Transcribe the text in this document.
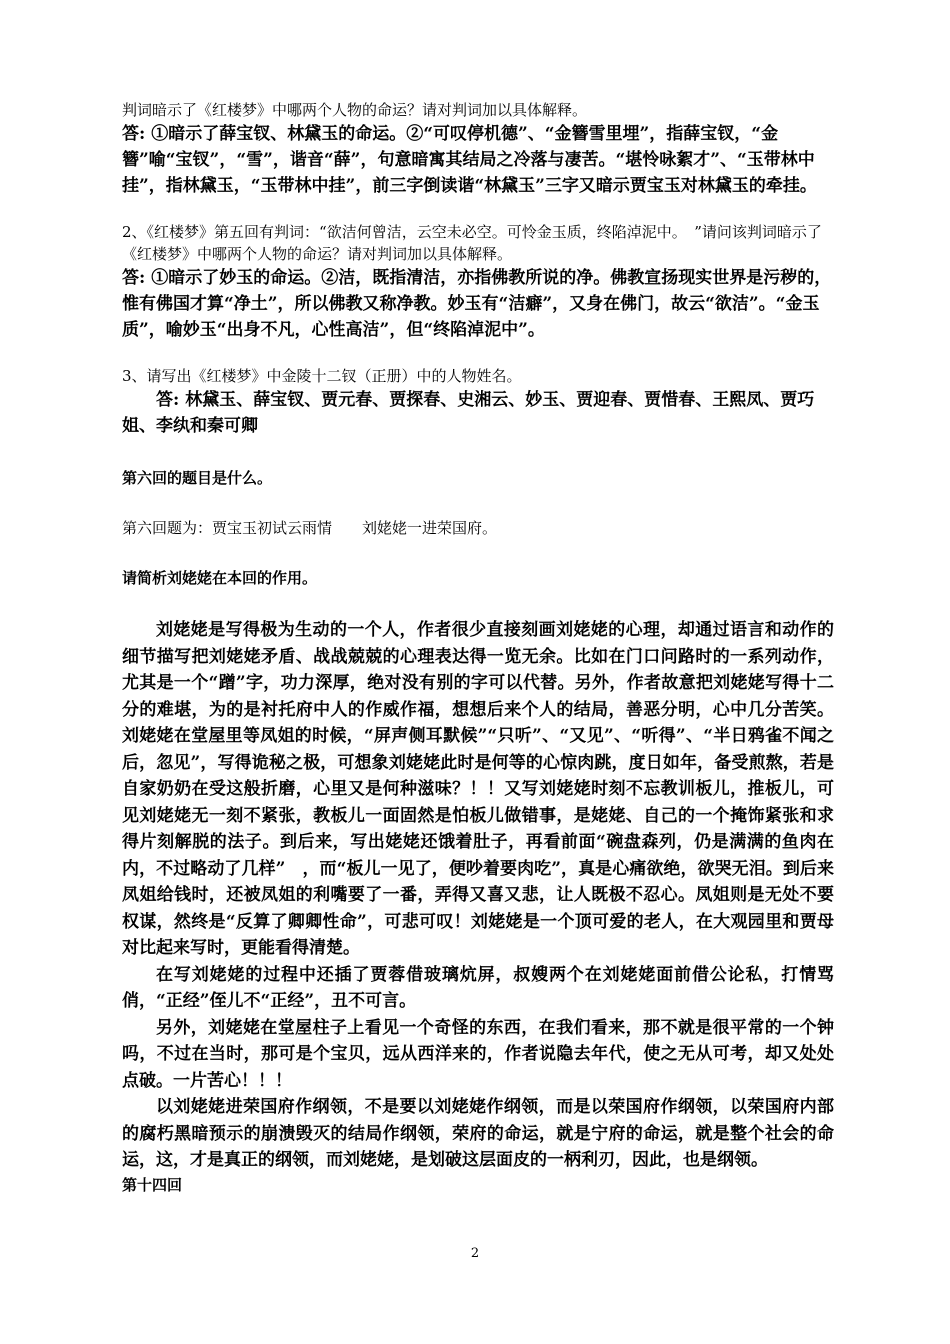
判词暗示了《红楼梦》中哪两个人物的命运？请对判词加以具体解释。

答: ①暗示了薛宝钗、林黛玉的命运。②“可叹停机德”、“金簪雪里埋”，指薛宝钗，“金簪”喻“宝钗”，“雪”，谐音“薛”，句意暗寓其结局之冷落与凄苦。“堪怜咏絮才”、“玉带林中挂”，指林黛玉，“玉带林中挂”，前三字倒读谐“林黛玉”三字又暗示贾宝玉对林黛玉的牵挂。

2、《红楼梦》第五回有判词：“欲洁何曾洁，云空未必空。可怜金玉质，终陷淖泥中。　”请问该判词暗示了《红楼梦》中哪两个人物的命运？请对判词加以具体解释。

答: ①暗示了妙玉的命运。②洁，既指清洁，亦指佛教所说的净。佛教宣扬现实世界是污秽的，惟有佛国才算“净土”，所以佛教又称净教。妙玉有“洁癖”，又身在佛门，故云“欲洁”。“金玉质”，喻妙玉“出身不凡，心性高洁”，但“终陷淖泥中”。

3、请写出《红楼梦》中金陵十二钗（正册）中的人物姓名。

答: 林黛玉、薛宝钗、贾元春、贾探春、史湘云、妙玉、贾迎春、贾惜春、王熙凤、贾巧姐、李纨和秦可卿

第六回的题目是什么。

第六回题为：贾宝玉初试云雨情　　刘姥姥一进荣国府。

请简析刘姥姥在本回的作用。

刘姥姥是写得极为生动的一个人，作者很少直接刻画刘姥姥的心理，却通过语言和动作的细节描写把刘姥姥矛盾、战战兢兢的心理表达得一览无余。比如在门口问路时的一系列动作，尤其是一个“蹭”字，功力深厚，绝对没有别的字可以代替。另外，作者故意把刘姥姥写得十二分的难堪，为的是衬托府中人的作威作福，想想后来个人的结局，善恶分明，心中几分苦笑。刘姥姥在堂屋里等凤姐的时候，“屏声侧耳默候”“只听”、“又见”、“听得”、“半日鸦雀不闻之后，忽见”，写得诡秘之极，可想象刘姥姥此时是何等的心惊肉跳，度日如年，备受煎熬，若是自家奶奶在受这般折磨，心里又是何种滋味？！！又写刘姥姥时刻不忘教训板儿，推板儿，可见刘姥姥无一刻不紧张，教板儿一面固然是怕板儿做错事，是姥姥、自己的一个掩饰紧张和求得片刻解脱的法子。到后来，写出姥姥还饿着肚子，再看前面“碗盘森列，仍是满满的鱼肉在内，不过略动了几样”　，而“板儿一见了，便吵着要肉吃”，真是心痛欲绝，欲哭无泪。到后来凤姐给钱时，还被凤姐的利嘴要了一番，弄得又喜又悲，让人既极不忍心。凤姐则是无处不要权谋，然终是“反算了卿卿性命”，可悲可叹！刘姥姥是一个顶可爱的老人，在大观园里和贾母对比起来写时，更能看得清楚。

在写刘姥姥的过程中还插了贾蓉借玻璃炕屏，叔嫂两个在刘姥姥面前借公论私，打情骂俏，“正经”侄儿不“正经”，丑不可言。

另外，刘姥姥在堂屋柱子上看见一个奇怪的东西，在我们看来，那不就是很平常的一个钟吗，不过在当时，那可是个宝贝，远从西洋来的，作者说隐去年代，使之无从可考，却又处处点破。一片苦心！！！

以刘姥姥进荣国府作纲领，不是要以刘姥姥作纲领，而是以荣国府作纲领，以荣国府内部的腐朽黑暗预示的崩溃毁灭的结局作纲领，荣府的命运，就是宁府的命运，就是整个社会的命运，这，才是真正的纲领，而刘姥姥，是划破这层面皮的一柄利刃，因此，也是纲领。

第十四回

2
